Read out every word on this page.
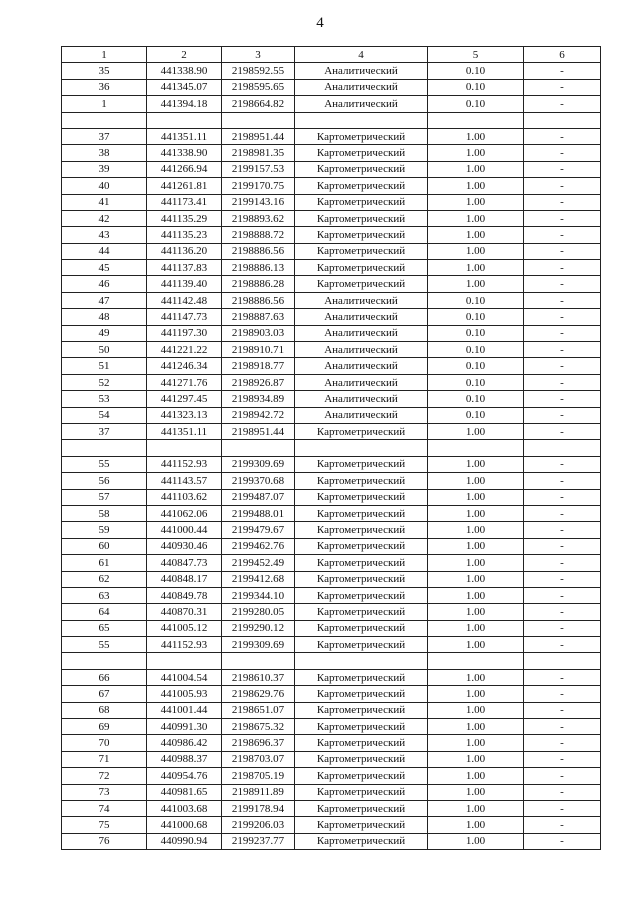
4
1	2	3	4	5	6
35	441338.90	2198592.55	Аналитический	0.10	-
36	441345.07	2198595.65	Аналитический	0.10	-
1	441394.18	2198664.82	Аналитический	0.10	-

37	441351.11	2198951.44	Картометрический	1.00	-
38	441338.90	2198981.35	Картометрический	1.00	-
39	441266.94	2199157.53	Картометрический	1.00	-
40	441261.81	2199170.75	Картометрический	1.00	-
41	441173.41	2199143.16	Картометрический	1.00	-
42	441135.29	2198893.62	Картометрический	1.00	-
43	441135.23	2198888.72	Картометрический	1.00	-
44	441136.20	2198886.56	Картометрический	1.00	-
45	441137.83	2198886.13	Картометрический	1.00	-
46	441139.40	2198886.28	Картометрический	1.00	-
47	441142.48	2198886.56	Аналитический	0.10	-
48	441147.73	2198887.63	Аналитический	0.10	-
49	441197.30	2198903.03	Аналитический	0.10	-
50	441221.22	2198910.71	Аналитический	0.10	-
51	441246.34	2198918.77	Аналитический	0.10	-
52	441271.76	2198926.87	Аналитический	0.10	-
53	441297.45	2198934.89	Аналитический	0.10	-
54	441323.13	2198942.72	Аналитический	0.10	-
37	441351.11	2198951.44	Картометрический	1.00	-

55	441152.93	2199309.69	Картометрический	1.00	-
56	441143.57	2199370.68	Картометрический	1.00	-
57	441103.62	2199487.07	Картометрический	1.00	-
58	441062.06	2199488.01	Картометрический	1.00	-
59	441000.44	2199479.67	Картометрический	1.00	-
60	440930.46	2199462.76	Картометрический	1.00	-
61	440847.73	2199452.49	Картометрический	1.00	-
62	440848.17	2199412.68	Картометрический	1.00	-
63	440849.78	2199344.10	Картометрический	1.00	-
64	440870.31	2199280.05	Картометрический	1.00	-
65	441005.12	2199290.12	Картометрический	1.00	-
55	441152.93	2199309.69	Картометрический	1.00	-

66	441004.54	2198610.37	Картометрический	1.00	-
67	441005.93	2198629.76	Картометрический	1.00	-
68	441001.44	2198651.07	Картометрический	1.00	-
69	440991.30	2198675.32	Картометрический	1.00	-
70	440986.42	2198696.37	Картометрический	1.00	-
71	440988.37	2198703.07	Картометрический	1.00	-
72	440954.76	2198705.19	Картометрический	1.00	-
73	440981.65	2198911.89	Картометрический	1.00	-
74	441003.68	2199178.94	Картометрический	1.00	-
75	441000.68	2199206.03	Картометрический	1.00	-
76	440990.94	2199237.77	Картометрический	1.00	-
